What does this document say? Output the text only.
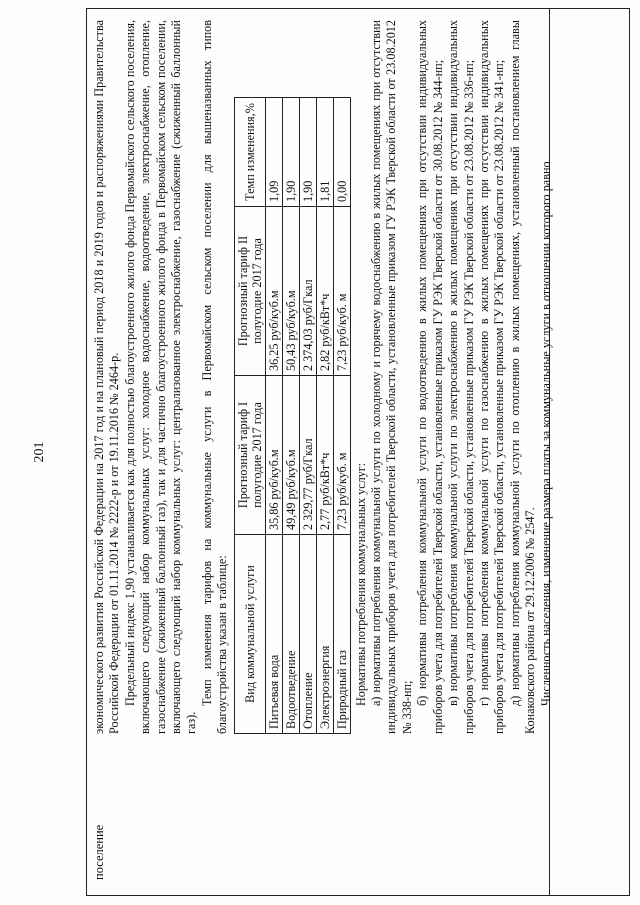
201
поселение

экономического развития Российской Федерации на 2017 год и на плановый период 2018 и 2019 годов и распоряжениями Правительства Российской Федерации от 01.11.2014 № 2222-р и от 19.11.2016 № 2464-р. Предельный индекс 1,90 устанавливается как для полностью благоустроенного жилого фонда Первомайского сельского поселения, включающего следующий набор коммунальных услуг: холодное водоснабжение, водоотведение, электроснабжение, отопление, газоснабжение (сжиженный баллонный газ), так и для частично благоустроенного жилого фонда в Первомайском сельском поселении, включающего следующий набор коммунальных услуг: централизованное электроснабжение, газоснабжение (сжиженный баллонный газ).

Темп изменения тарифов на коммунальные услуги в Первомайском сельском поселении для вышеназванных типов благоустройства указан в таблице: Вид коммунальной услуги	Прогнозный тариф I полугодие 2017 года	Прогнозный тариф II полугодие 2017 года	Темп изменения,%
Питьевая вода	35,86 руб/куб.м	36,25 руб/куб.м	1,09
Водоотведение	49,49 руб/куб.м	50,43 руб/куб.м	1,90
Отопление	2 329,77 руб/Гкал	2 374,03 руб/Гкал	1,90
Электроэнергия	2,77 руб/кВт*ч	2,82 руб/кВт*ч	1,81
Природный газ	7,23 руб/куб. м	7,23 руб/куб. м	0,00

Нормативы потребления коммунальных услуг: а) нормативы потребления коммунальной услуги по холодному и горячему водоснабжению в жилых помещениях при отсутствии индивидуальных приборов учета для потребителей Тверской области, установленные приказом ГУ РЭК Тверской области от 23.08.2012 № 338-нп;

б) нормативы потребления коммунальной услуги по водоотведению в жилых помещениях при отсутствии индивидуальных приборов учета для потребителей Тверской области, установленные приказом ГУ РЭК Тверской области от 30.08.2012 № 344-нп; в) нормативы потребления коммунальной услуги по электроснабжению в жилых помещениях при отсутствии индивидуальных приборов учета для потребителей Тверской области, установленные приказом ГУ РЭК Тверской области от 23.08.2012 № 336-нп; г) нормативы потребления коммунальной услуги по газоснабжению в жилых помещениях при отсутствии индивидуальных приборов учета для потребителей Тверской области, установленные приказом ГУ РЭК Тверской области от 23.08.2012 № 341-нп; д) нормативы потребления коммунальной услуги по отоплению в жилых помещениях, установленный постановлением главы Конаковского района от 29.12.2006 № 2547. Численность населения, изменение размера платы за коммунальные услуги в отношении которого равно
